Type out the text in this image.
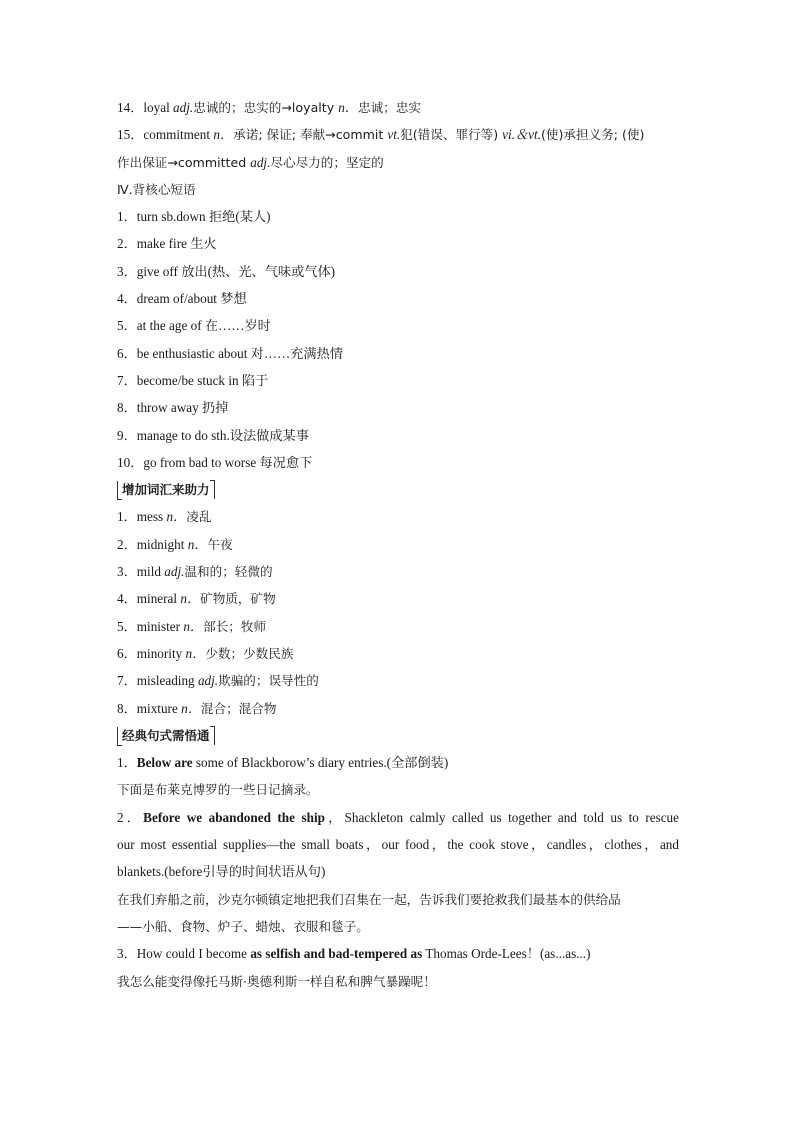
14．loyal adj.忠诚的；忠实的→loyalty n．忠诚；忠实
15．commitment n．承诺; 保证; 奉献→commit vt.犯(错误、罪行等) vi.＆vt.(使)承担义务; (使)
作出保证→committed adj.尽心尽力的；坚定的
Ⅳ.背核心短语
1．turn sb.down 拒绝(某人)
2．make fire 生火
3．give off 放出(热、光、气味或气体)
4．dream of/about 梦想
5．at the age of 在……岁时
6．be enthusiastic about 对……充满热情
7．become/be stuck in 陷于
8．throw away 扔掉
9．manage to do sth.设法做成某事
10．go from bad to worse 每况愈下
增加词汇来助力
1．mess n．凌乱
2．midnight n．午夜
3．mild adj.温和的；轻微的
4．mineral n．矿物质，矿物
5．minister n．部长；牧师
6．minority n．少数；少数民族
7．misleading adj.欺骗的；误导性的
8．mixture n．混合；混合物
经典句式需悟通
1．Below are some of Blackborow’s diary entries.(全部倒装)
下面是布莱克博罗的一些日记摘录。
2．Before we abandoned the ship，Shackleton calmly called us together and told us to rescue
our most essential supplies—the small boats，our food，the cook stove，candles，clothes，and
blankets.(before引导的时间状语从句)
在我们弃船之前，沙克尔顿镇定地把我们召集在一起，告诉我们要抢救我们最基本的供给品
——小船、食物、炉子、蜡烛、衣服和毯子。
3．How could I become as selfish and bad-tempered as Thomas Orde-Lees！(as...as...)
我怎么能变得像托马斯·奥德利斯一样自私和脾气暴躁呢！
